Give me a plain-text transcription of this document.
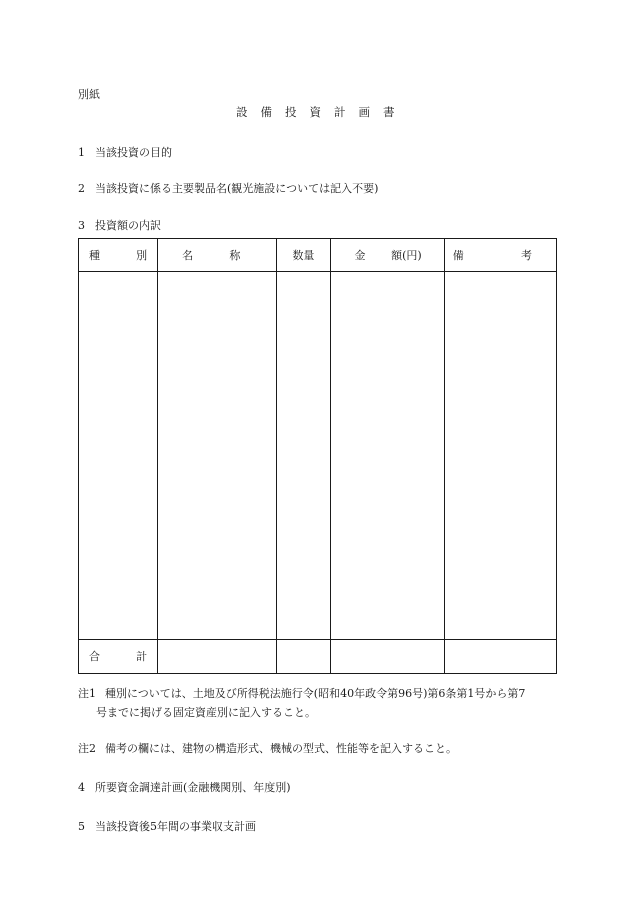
別紙
設備投資計画書
1 当該投資の目的
2 当該投資に係る主要製品名(観光施設については記入不要)
3 投資額の内訳
種 別	名 称	数量	金 額(円)	備 考

合 計				

注1 種別については、土地及び所得税法施行令(昭和40年政令第96号)第6条第1号から第7
号までに掲げる固定資産別に記入すること。
注2 備考の欄には、建物の構造形式、機械の型式、性能等を記入すること。
4 所要資金調達計画(金融機関別、年度別)
5 当該投資後5年間の事業収支計画
